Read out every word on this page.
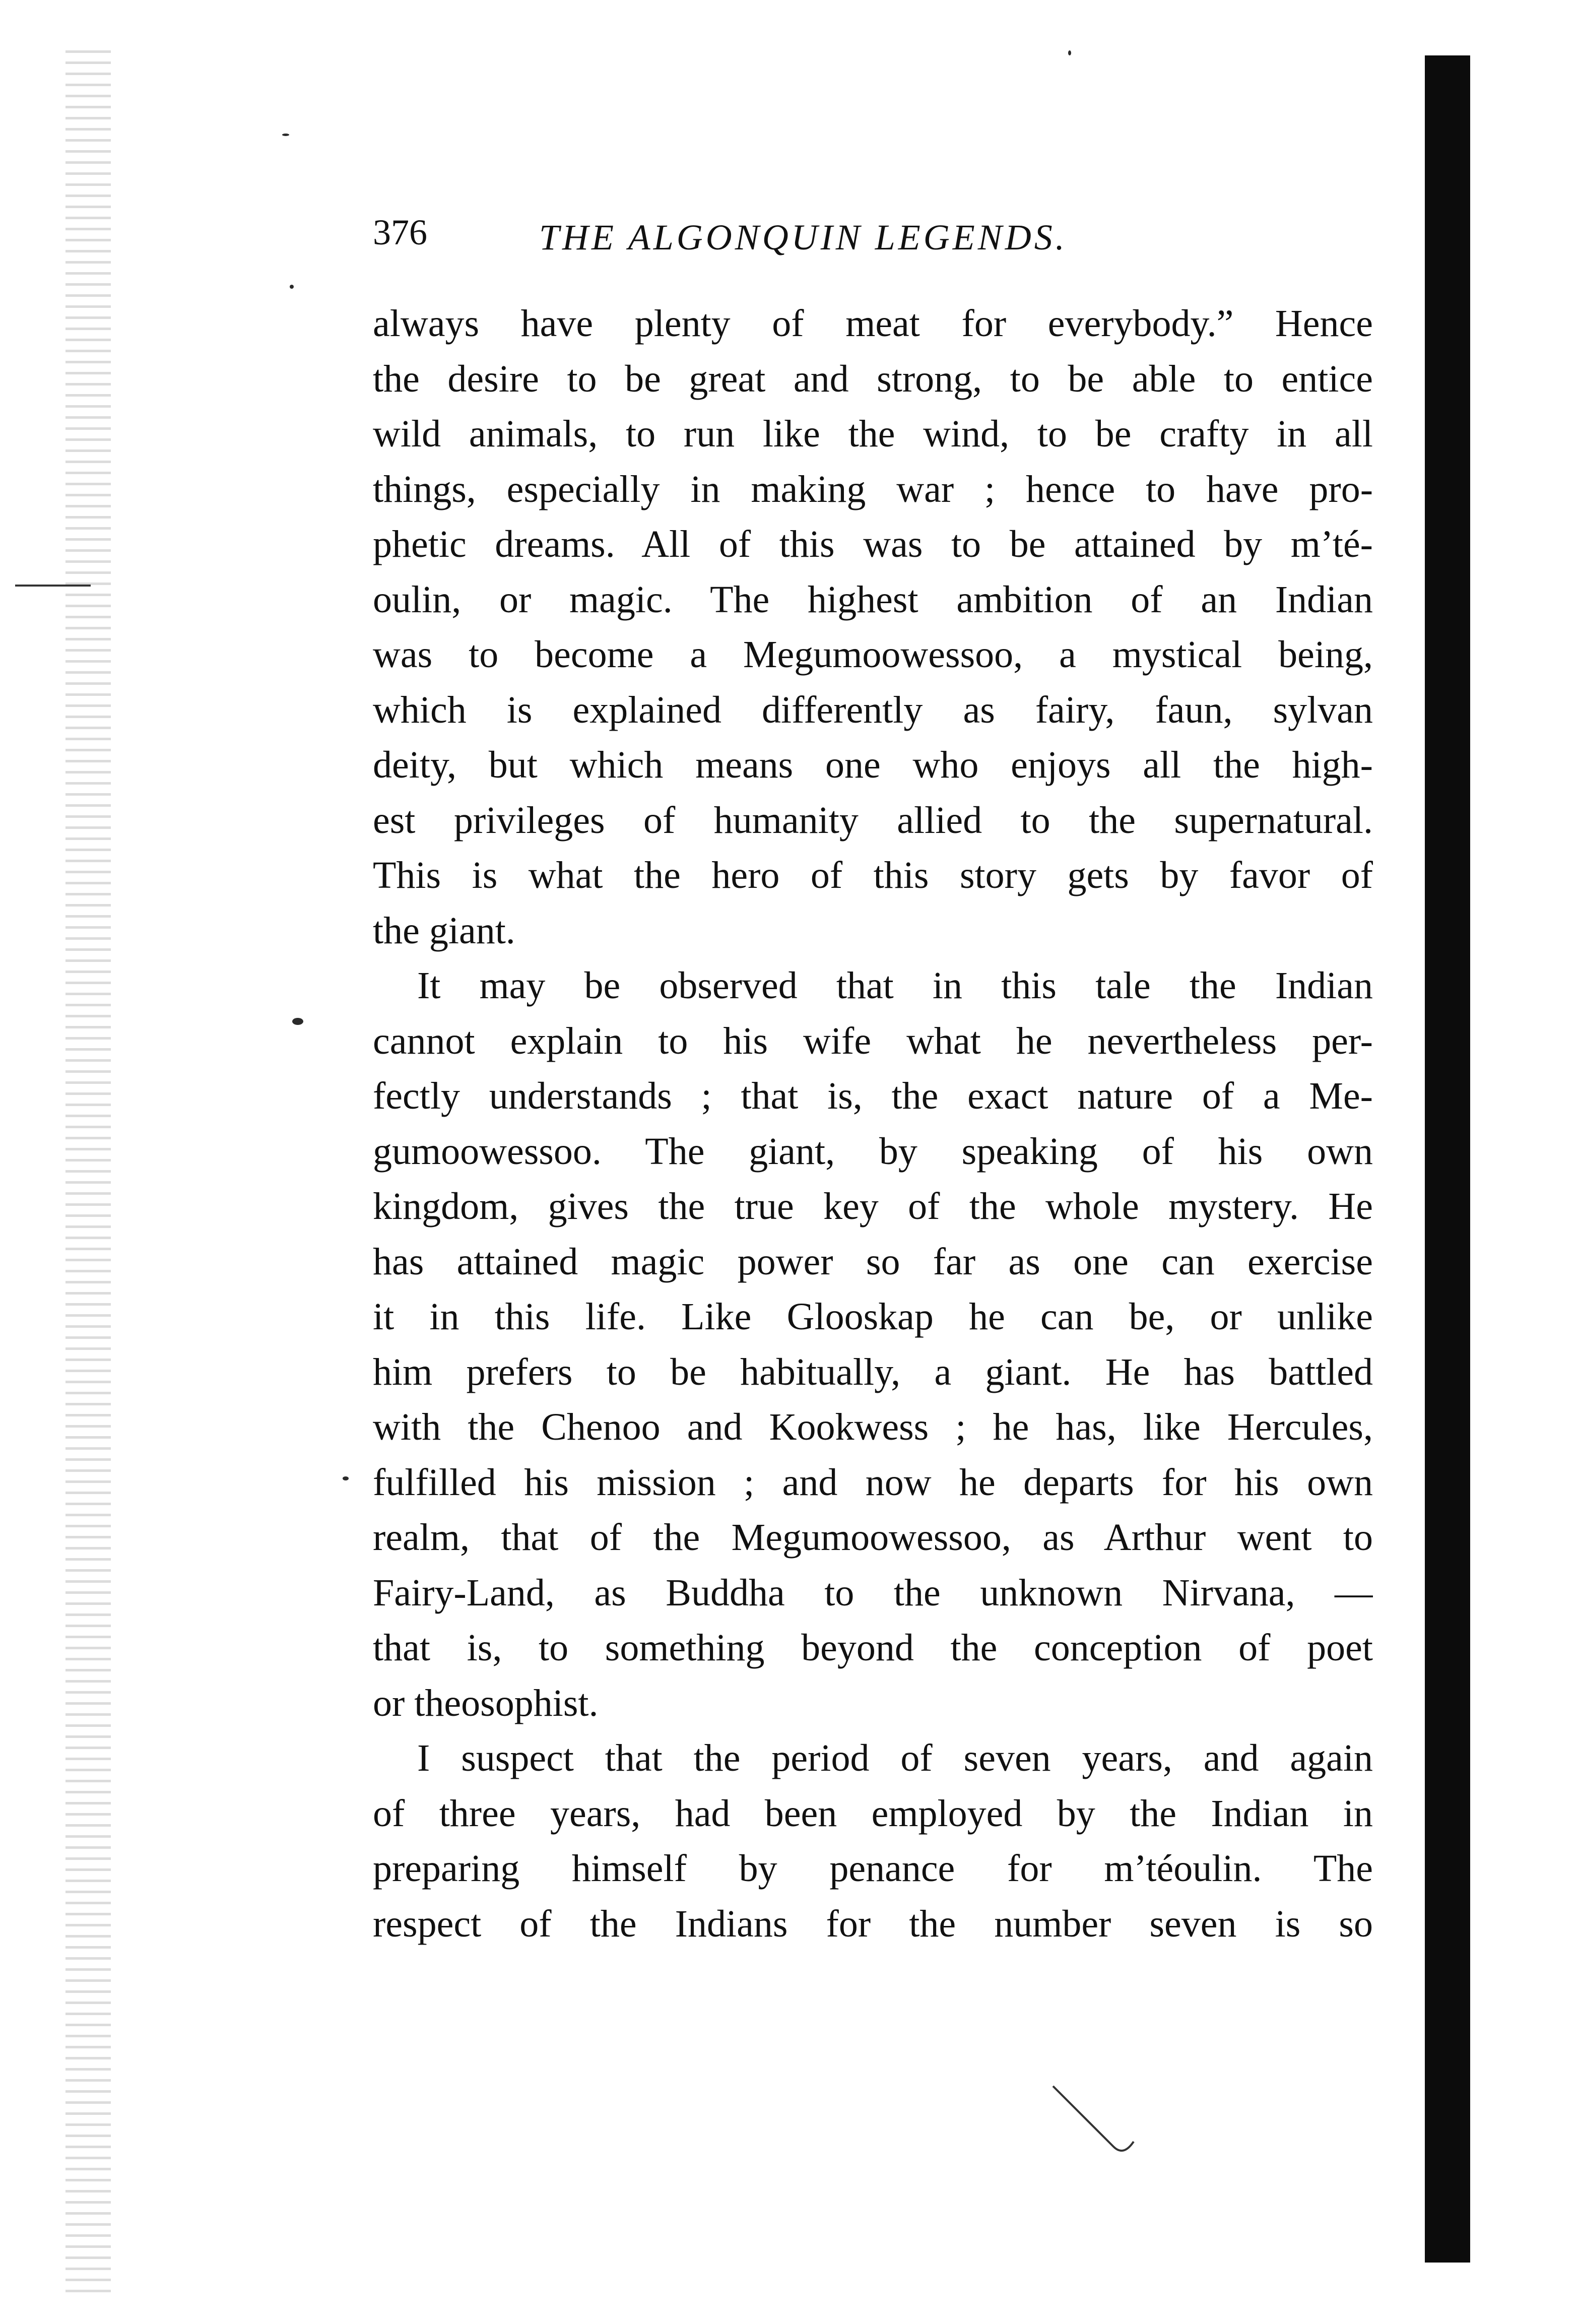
376	THE ALGONQUIN LEGENDS.
always have plenty of meat for everybody.” Hence
the desire to be great and strong, to be able to entice
wild animals, to run like the wind, to be crafty in all
things, especially in making war ; hence to have pro-
phetic dreams. All of this was to be attained by m’té-
oulin, or magic. The highest ambition of an Indian
was to become a Megumoowessoo, a mystical being,
which is explained differently as fairy, faun, sylvan
deity, but which means one who enjoys all the high-
est privileges of humanity allied to the supernatural.
This is what the hero of this story gets by favor of
the giant.
It may be observed that in this tale the Indian
cannot explain to his wife what he nevertheless per-
fectly understands ; that is, the exact nature of a Me-
gumoowessoo. The giant, by speaking of his own
kingdom, gives the true key of the whole mystery. He
has attained magic power so far as one can exercise
it in this life. Like Glooskap he can be, or unlike
him prefers to be habitually, a giant. He has battled
with the Chenoo and Kookwess ; he has, like Hercules,
fulfilled his mission ; and now he departs for his own
realm, that of the Megumoowessoo, as Arthur went to
Fairy-Land, as Buddha to the unknown Nirvana, —
that is, to something beyond the conception of poet
or theosophist.
I suspect that the period of seven years, and again
of three years, had been employed by the Indian in
preparing himself by penance for m’téoulin. The
respect of the Indians for the number seven is so
